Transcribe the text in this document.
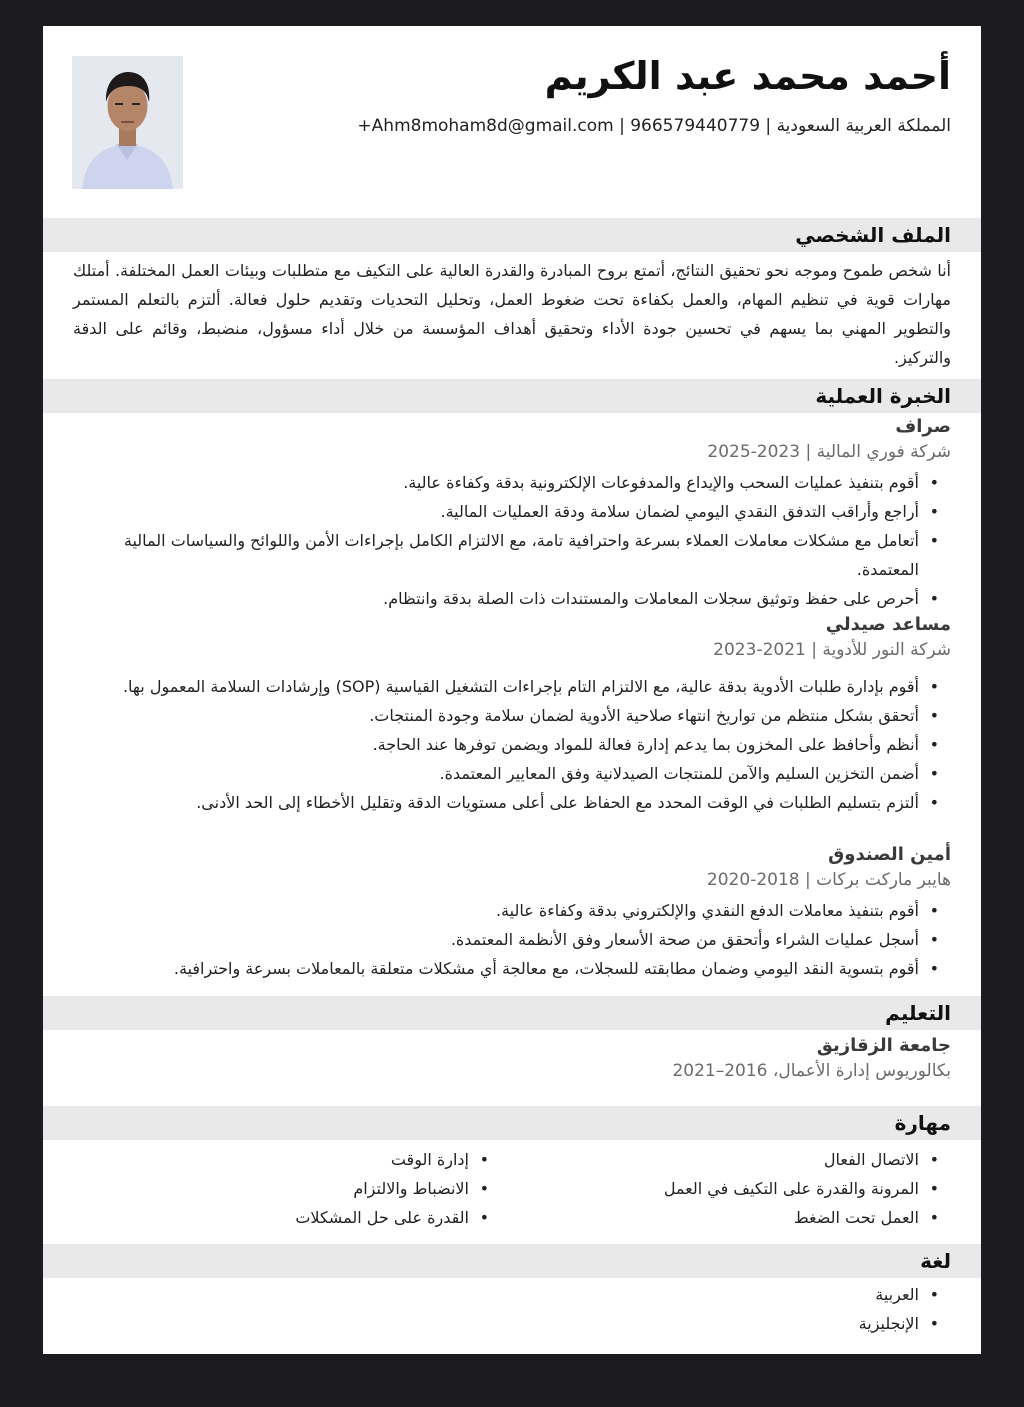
أحمد محمد عبد الكريم
المملكة العربية السعودية | Ahm8moham8d@gmail.com | 966579440779+
الملف الشخصي

أنا شخص طموح وموجه نحو تحقيق النتائج، أتمتع بروح المبادرة والقدرة العالية على التكيف مع متطلبات وبيئات العمل المختلفة. أمتلك مهارات قوية في تنظيم المهام، والعمل بكفاءة تحت ضغوط العمل، وتحليل التحديات وتقديم حلول فعالة. ألتزم بالتعلم المستمر والتطوير المهني بما يسهم في تحسين جودة الأداء وتحقيق أهداف المؤسسة من خلال أداء مسؤول، منضبط، وقائم على الدقة والتركيز.

الخبرة العملية
صراف
شركة فوري المالية | 2023-2025
• أقوم بتنفيذ عمليات السحب والإيداع والمدفوعات الإلكترونية بدقة وكفاءة عالية.
• أراجع وأراقب التدفق النقدي اليومي لضمان سلامة ودقة العمليات المالية.
• أتعامل مع مشكلات معاملات العملاء بسرعة واحترافية تامة، مع الالتزام الكامل بإجراءات الأمن واللوائح والسياسات المالية المعتمدة.
• أحرص على حفظ وتوثيق سجلات المعاملات والمستندات ذات الصلة بدقة وانتظام.
مساعد صيدلي
شركة النور للأدوية | 2021-2023
• أقوم بإدارة طلبات الأدوية بدقة عالية، مع الالتزام التام بإجراءات التشغيل القياسية (SOP) وإرشادات السلامة المعمول بها.
• أتحقق بشكل منتظم من تواريخ انتهاء صلاحية الأدوية لضمان سلامة وجودة المنتجات.
• أنظم وأحافظ على المخزون بما يدعم إدارة فعالة للمواد ويضمن توفرها عند الحاجة.
• أضمن التخزين السليم والآمن للمنتجات الصيدلانية وفق المعايير المعتمدة.
• ألتزم بتسليم الطلبات في الوقت المحدد مع الحفاظ على أعلى مستويات الدقة وتقليل الأخطاء إلى الحد الأدنى.
أمين الصندوق
هايبر ماركت بركات | 2018-2020
• أقوم بتنفيذ معاملات الدفع النقدي والإلكتروني بدقة وكفاءة عالية.
• أسجل عمليات الشراء وأتحقق من صحة الأسعار وفق الأنظمة المعتمدة.
• أقوم بتسوية النقد اليومي وضمان مطابقته للسجلات، مع معالجة أي مشكلات متعلقة بالمعاملات بسرعة واحترافية.
التعليم
جامعة الزقازيق
بكالوريوس إدارة الأعمال، 2016–2021
مهارة
• الاتصال الفعال
• المرونة والقدرة على التكيف في العمل
• العمل تحت الضغط
• إدارة الوقت
• الانضباط والالتزام
• القدرة على حل المشكلات
لغة
• العربية
• الإنجليزية
